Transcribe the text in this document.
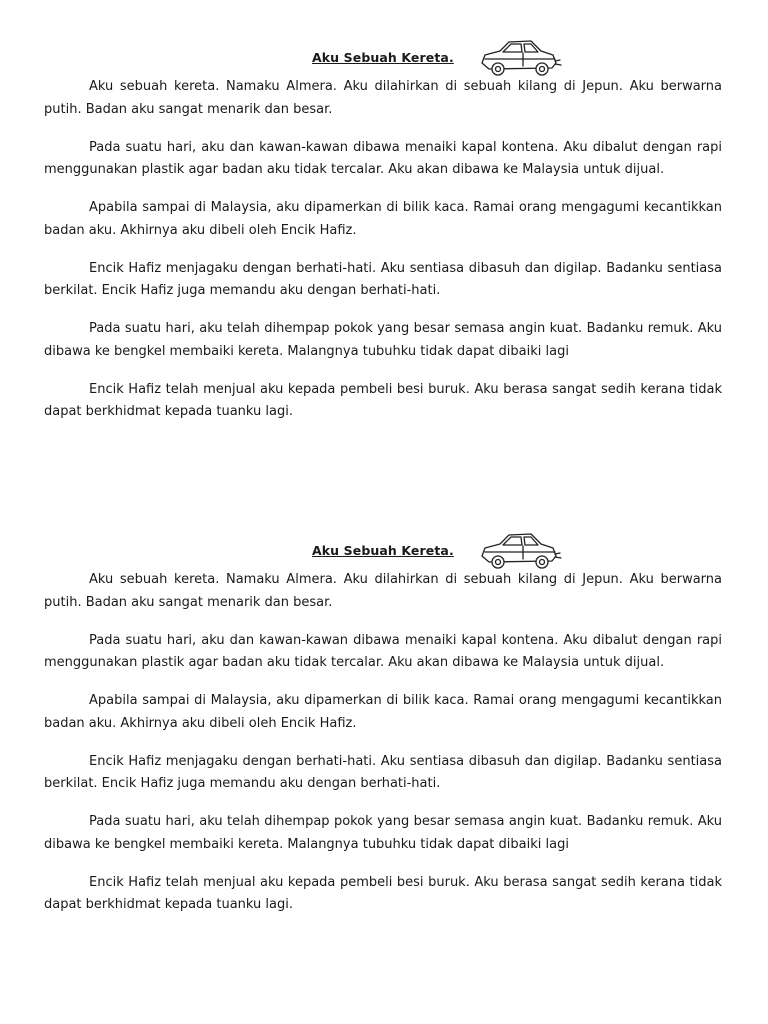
Aku Sebuah Kereta.

Aku sebuah kereta. Namaku Almera. Aku dilahirkan di sebuah kilang di Jepun. Aku berwarna putih. Badan aku sangat menarik dan besar.

Pada suatu hari, aku dan kawan-kawan dibawa menaiki kapal kontena. Aku dibalut dengan rapi menggunakan plastik agar badan aku tidak tercalar. Aku akan dibawa ke Malaysia untuk dijual.

Apabila sampai di Malaysia, aku dipamerkan di bilik kaca. Ramai orang mengagumi kecantikkan badan aku. Akhirnya aku dibeli oleh Encik Hafiz.

Encik Hafiz menjagaku dengan berhati-hati. Aku sentiasa dibasuh dan digilap. Badanku sentiasa berkilat. Encik Hafiz juga memandu aku dengan berhati-hati.

Pada suatu hari, aku telah dihempap pokok yang besar semasa angin kuat. Badanku remuk. Aku dibawa ke bengkel membaiki kereta. Malangnya tubuhku tidak dapat dibaiki lagi

Encik Hafiz telah menjual aku kepada pembeli besi buruk. Aku berasa sangat sedih kerana tidak dapat berkhidmat kepada tuanku lagi.

Aku Sebuah Kereta.

Aku sebuah kereta. Namaku Almera. Aku dilahirkan di sebuah kilang di Jepun. Aku berwarna putih. Badan aku sangat menarik dan besar.

Pada suatu hari, aku dan kawan-kawan dibawa menaiki kapal kontena. Aku dibalut dengan rapi menggunakan plastik agar badan aku tidak tercalar. Aku akan dibawa ke Malaysia untuk dijual.

Apabila sampai di Malaysia, aku dipamerkan di bilik kaca. Ramai orang mengagumi kecantikkan badan aku. Akhirnya aku dibeli oleh Encik Hafiz.

Encik Hafiz menjagaku dengan berhati-hati. Aku sentiasa dibasuh dan digilap. Badanku sentiasa berkilat. Encik Hafiz juga memandu aku dengan berhati-hati.

Pada suatu hari, aku telah dihempap pokok yang besar semasa angin kuat. Badanku remuk. Aku dibawa ke bengkel membaiki kereta. Malangnya tubuhku tidak dapat dibaiki lagi

Encik Hafiz telah menjual aku kepada pembeli besi buruk. Aku berasa sangat sedih kerana tidak dapat berkhidmat kepada tuanku lagi.
